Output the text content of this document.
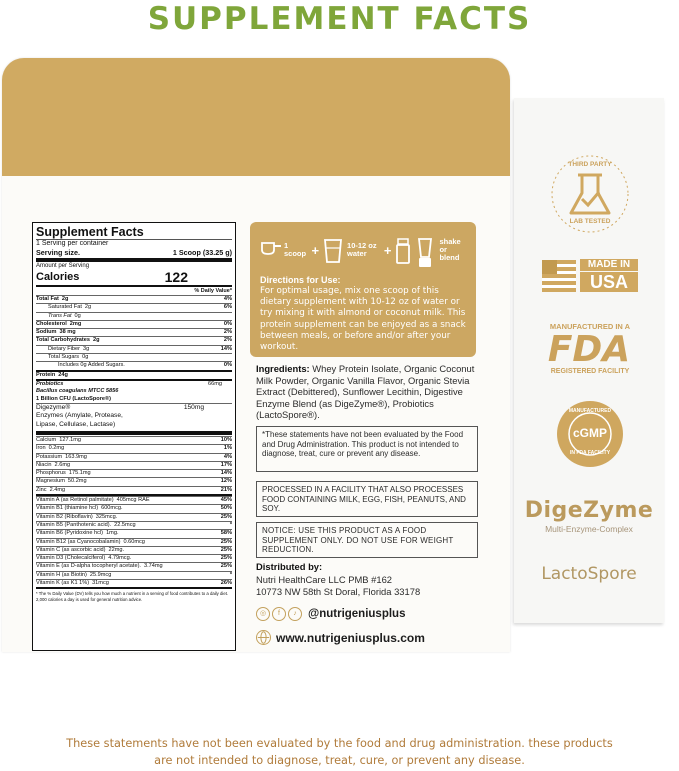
SUPPLEMENT FACTS
Supplement Facts
1 Serving per container
Serving size.	1 Scoop (33.25 g)
Amount per Serving
Calories	122
% Daily Value*
Total Fat 2g	4%
Saturated Fat 2g	6%
Trans Fat 0g
Cholesterol 2mg	0%
Sodium 38 mg	2%
Total Carbohydrates 2g	2%
Dietary Fiber 3g	14%
Total Sugars 0g
Includes 0g Added Sugars.	0%
Protein 24g
Probiotics	66mg
Bacillus coagulans MTCC 5856
1 Billion CFU (LactoSpore®)
Digezyme®	150mg
Enzymes (Amylate, Protease,
Lipase, Cellulase, Lactase)
Calcium 127.1mg	10%
Iron 0.2mg	1%
Potassium 163.9mg	4%
Niacin 2.6mg	17%
Phosphorus 175.1mg	14%
Magnesium 50.2mg	12%
Zinc 2.4mg	21%
Vitamin A (as Retinol palmitate) 405mcg RAE	45%
Vitamin B1 (thiamine hcl) 600mcg.	50%
Vitamin B2 (Riboflavin) 325mcg.	25%
Vitamin B5 (Panthotenic acid). 22.5mcg	*
Vitamin B6 (Pyridoxine hcl) 1mg.	58%
Vitamin B12 (as Cyanocobalamin) 0.60mcg	25%
Vitamin C (as ascorbic acid) 22mg.	25%
Vitamin D3 (Cholecalciferol) 4.79mcg.	25%
Vitamin E (as D-alpha tocopheryl acetate). 3.74mg	25%
Vitamin H (as Biotin) 25.9mcg	*
Vitamin K (as K1 1%) 31mcg	26%
* The % Daily Value (DV) tells you how much a nutrient in a serving of food contributes to a daily diet. 2,000 calories a day is used for general nutrition advice.
1 scoop +	10-12 oz water	+
shake or blend
Directions for Use:
For optimal usage, mix one scoop of this dietary supplement with 10-12 oz of water or try mixing it with almond or coconut milk. This protein supplement can be enjoyed as a snack between meals, or before and/or after your workout.
Ingredients: Whey Protein Isolate, Organic Coconut Milk Powder, Organic Vanilla Flavor, Organic Stevia Extract (Debittered), Sunflower Lecithin, Digestive Enzyme Blend (as DigeZyme®), Probiotics (LactoSpore®).
*These statements have not been evaluated by the Food and Drug Administration. This product is not intended to diagnose, treat, cure or prevent any disease.
PROCESSED IN A FACILITY THAT ALSO PROCESSES FOOD CONTAINING MILK, EGG, FISH, PEANUTS, AND SOY.
NOTICE: USE THIS PRODUCT AS A FOOD SUPPLEMENT ONLY. DO NOT USE FOR WEIGHT REDUCTION.
Distributed by:
Nutri HealthCare LLC PMB #162
10773 NW 58th St Doral, Florida 33178
◎	f	♪ @nutrigeniusplus
www.nutrigeniusplus.com
THIRD PARTY
LAB TESTED
MADE IN
USA
MANUFACTURED IN A
FDA
REGISTERED FACILITY
cGMP
MANUFACTURED
IN FDA FACILITY
DigeZyme
Multi-Enzyme-Complex
LactoSpore
These statements have not been evaluated by the food and drug administration. these products
are not intended to diagnose, treat, cure, or prevent any disease.
